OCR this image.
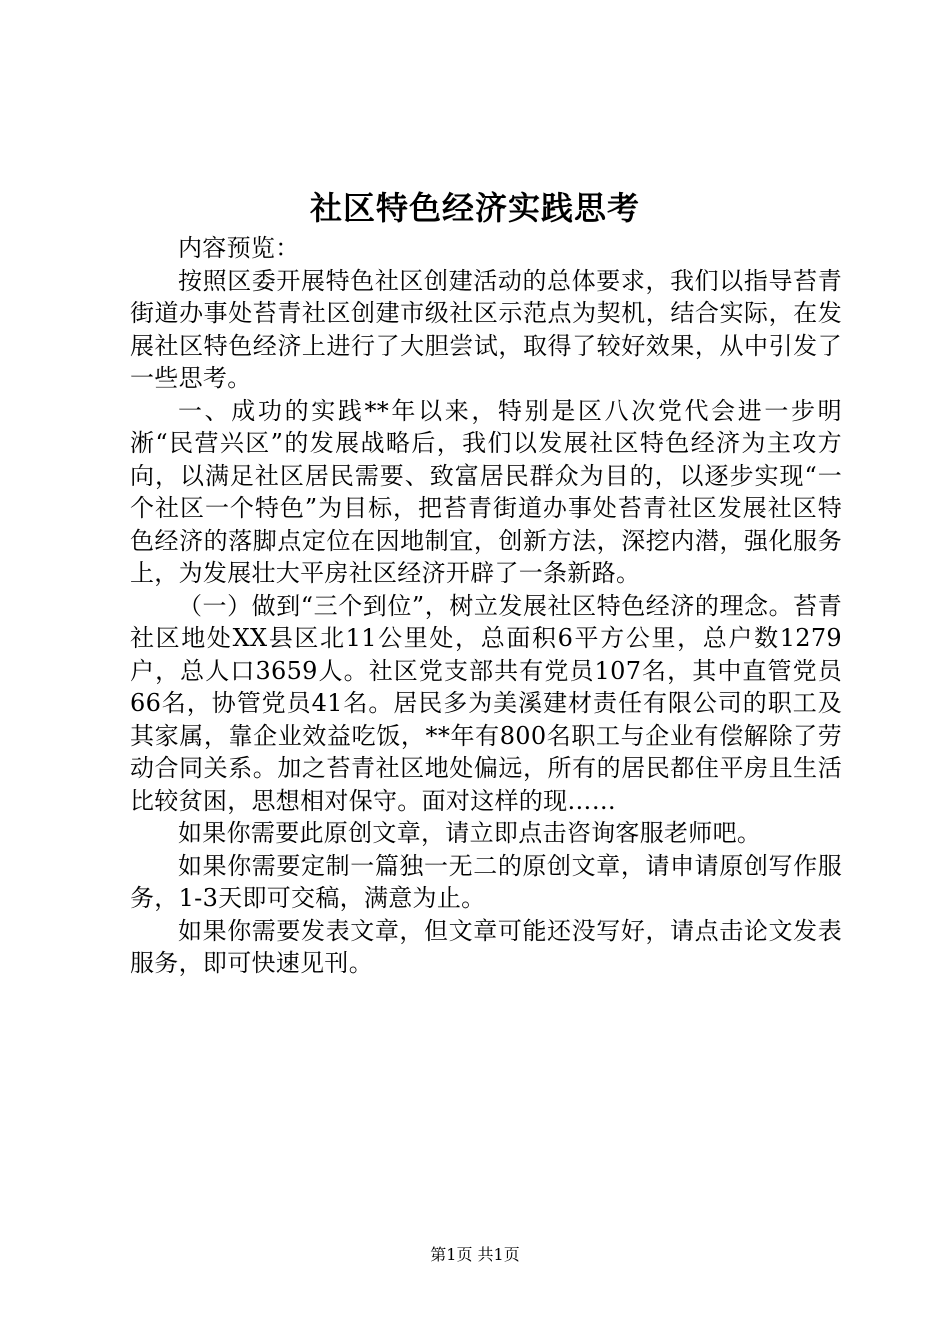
社区特色经济实践思考

内容预览：

按照区委开展特色社区创建活动的总体要求，我们以指导苔青街道办事处苔青社区创建市级社区示范点为契机，结合实际，在发展社区特色经济上进行了大胆尝试，取得了较好效果，从中引发了一些思考。

一、成功的实践**年以来，特别是区八次党代会进一步明淅“民营兴区”的发展战略后，我们以发展社区特色经济为主攻方向，以满足社区居民需要、致富居民群众为目的，以逐步实现“一个社区一个特色”为目标，把苔青街道办事处苔青社区发展社区特色经济的落脚点定位在因地制宜，创新方法，深挖内潜，强化服务上，为发展壮大平房社区经济开辟了一条新路。

（一）做到“三个到位”，树立发展社区特色经济的理念。苔青社区地处XX县区北11公里处，总面积6平方公里，总户数1279户，总人口3659人。社区党支部共有党员107名，其中直管党员66名，协管党员41名。居民多为美溪建材责任有限公司的职工及其家属，靠企业效益吃饭，**年有800名职工与企业有偿解除了劳动合同关系。加之苔青社区地处偏远，所有的居民都住平房且生活比较贫困，思想相对保守。面对这样的现……

如果你需要此原创文章，请立即点击咨询客服老师吧。

如果你需要定制一篇独一无二的原创文章，请申请原创写作服务，1-3天即可交稿，满意为止。

如果你需要发表文章，但文章可能还没写好，请点击论文发表服务，即可快速见刊。

第1页 共1页
